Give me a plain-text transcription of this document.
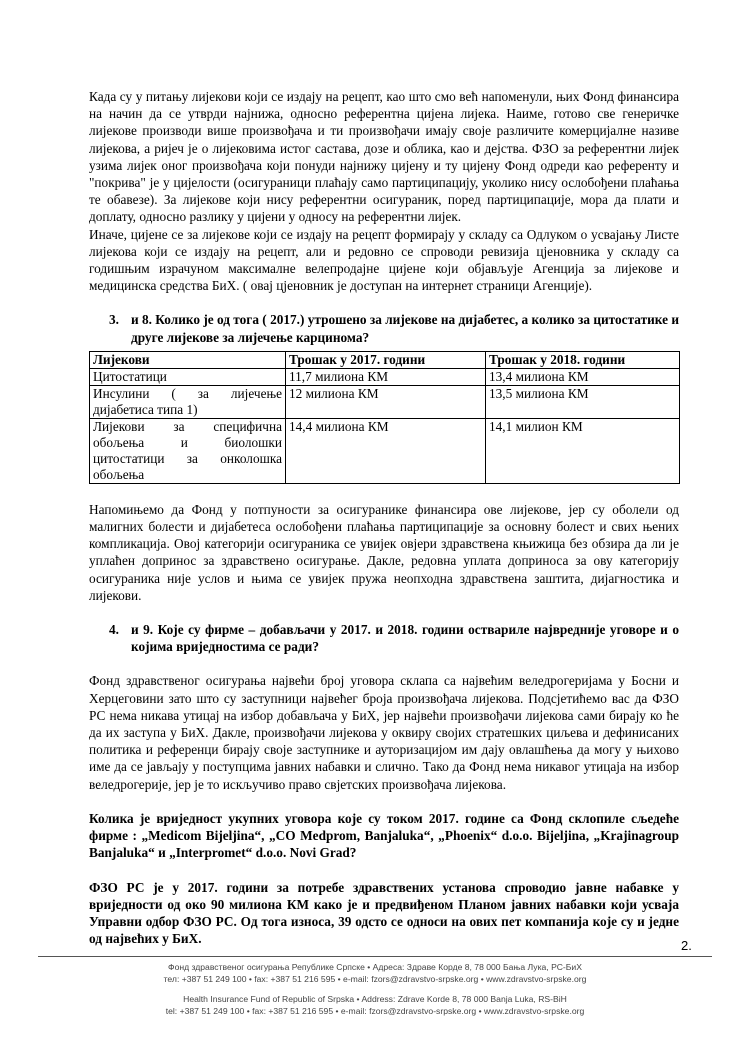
Када су у питању лијекови који се издају на рецепт, као што смо већ напоменули, њих Фонд финансира на начин да се утврди најнижа, односно референтна цијена лијека. Наиме, готово све генеричке лијекове производи више произвођача и ти произвођачи имају своје различите комерцијалне називе лијекова, а ријеч је о лијековима истог састава, дозе и облика, као и дејства. ФЗО за референтни лијек узима лијек оног произвођача који понуди најнижу цијену и ту цијену Фонд одреди као референту и "покрива" је у цијелости (осигураници плаћају само партиципацију, уколико нису ослобођени плаћања те обавезе). За лијекове који нису референтни осигураник, поред партиципације, мора да плати и доплату, односно разлику у цијени у односу на референтни лијек.

Иначе, цијене се за лијекове који се издају на рецепт формирају у складу са Одлуком о усвајању Листе лијекова који се издају на рецепт, али и редовно се спроводи ревизија цјеновника у складу са годишњим израчуном максималне велепродајне цијене који објављује Агенција за лијекове и медицинска средства БиХ. ( овај цјеновник је доступан на интернет страници Агенције).

3. и 8. Колико је од тога ( 2017.) утрошено за лијекове на дијабетес, а колико за цитостатике и друге лијекове за лијечење карцинома?
Лијекови	Трошак у 2017. години	Трошак у 2018. години
Цитостатици	11,7 милиона КМ	13,4 милиона КМ
Инсулини ( за лијечење дијабетиса типа 1)	12 милиона КМ	13,5 милиона КМ
Лијекови за специфична обољења и биолошки цитостатици за онколошка обољења	14,4 милиона КМ	14,1 милион КМ

Напомињемо да Фонд у потпуности за осигуранике финансира ове лијекове, јер су оболели од малигних болести и дијабетеса ослобођени плаћања партиципације за основну болест и свих њених компликација. Овој категорији осигураника се увијек овјери здравствена књижица без обзира да ли је уплаћен допринос за здравствено осигурање. Дакле, редовна уплата доприноса за ову категорију осигураника није услов и њима се увијек пружа неопходна здравствена заштита, дијагностика и лијекови.

4. и 9. Које су фирме – добављачи у 2017. и 2018. години оствариле највредније уговоре и о којима вриједностима се ради?

Фонд здравственог осигурања највећи број уговора склапа са највећим веледрогеријама у Босни и Херцеговини зато што су заступници највећег броја произвођача лијекова. Подсјетићемо вас да ФЗО РС нема никава утицај на избор добављача у БиХ, јер највећи произвођачи лијекова сами бирају ко ће да их заступа у БиХ. Дакле, произвођачи лијекова у оквиру својих стратешких циљева и дефинисаних политика и референци бирају своје заступнике и ауторизацијом им дају овлашћења да могу у њихово име да се јављају у поступцима јавних набавки и слично. Тако да Фонд нема никавог утицаја на избор веледрогерије, јер је то искључиво право свјетских произвођача лијекова.

Колика је вриједност укупних уговора које су током 2017. године са Фонд склопиле сљедеће фирме : „Medicom Bijeljina“, „CO Medprom, Banjaluka“, „Phoenix“ d.o.o. Bijeljina, „Krajinagroup Banjaluka“ и „Interpromet“ d.o.o. Novi Grad?

ФЗО РС је у 2017. години за потребе здравствених установа спроводио јавне набавке у вриједности од око 90 милиона КМ како је и предвиђеном Планом јавних набавки који усваја Управни одбор ФЗО РС. Од тога износа, 39 одсто се односи на ових пет компанија које су и једне од највећих у БиХ.	2.
Фонд здравственог осигурања Републике Српске • Адреса: Здраве Корде 8, 78 000 Бања Лука, РС-БиХ
тел: +387 51 249 100 • fax: +387 51 216 595 • e-mail: fzors@zdravstvo-srpske.org • www.zdravstvo-srpske.org
Health Insurance Fund of Republic of Srpska • Address: Zdrave Korde 8, 78 000 Banja Luka, RS-BiH
tel: +387 51 249 100 • fax: +387 51 216 595 • e-mail: fzors@zdravstvo-srpske.org • www.zdravstvo-srpske.org
